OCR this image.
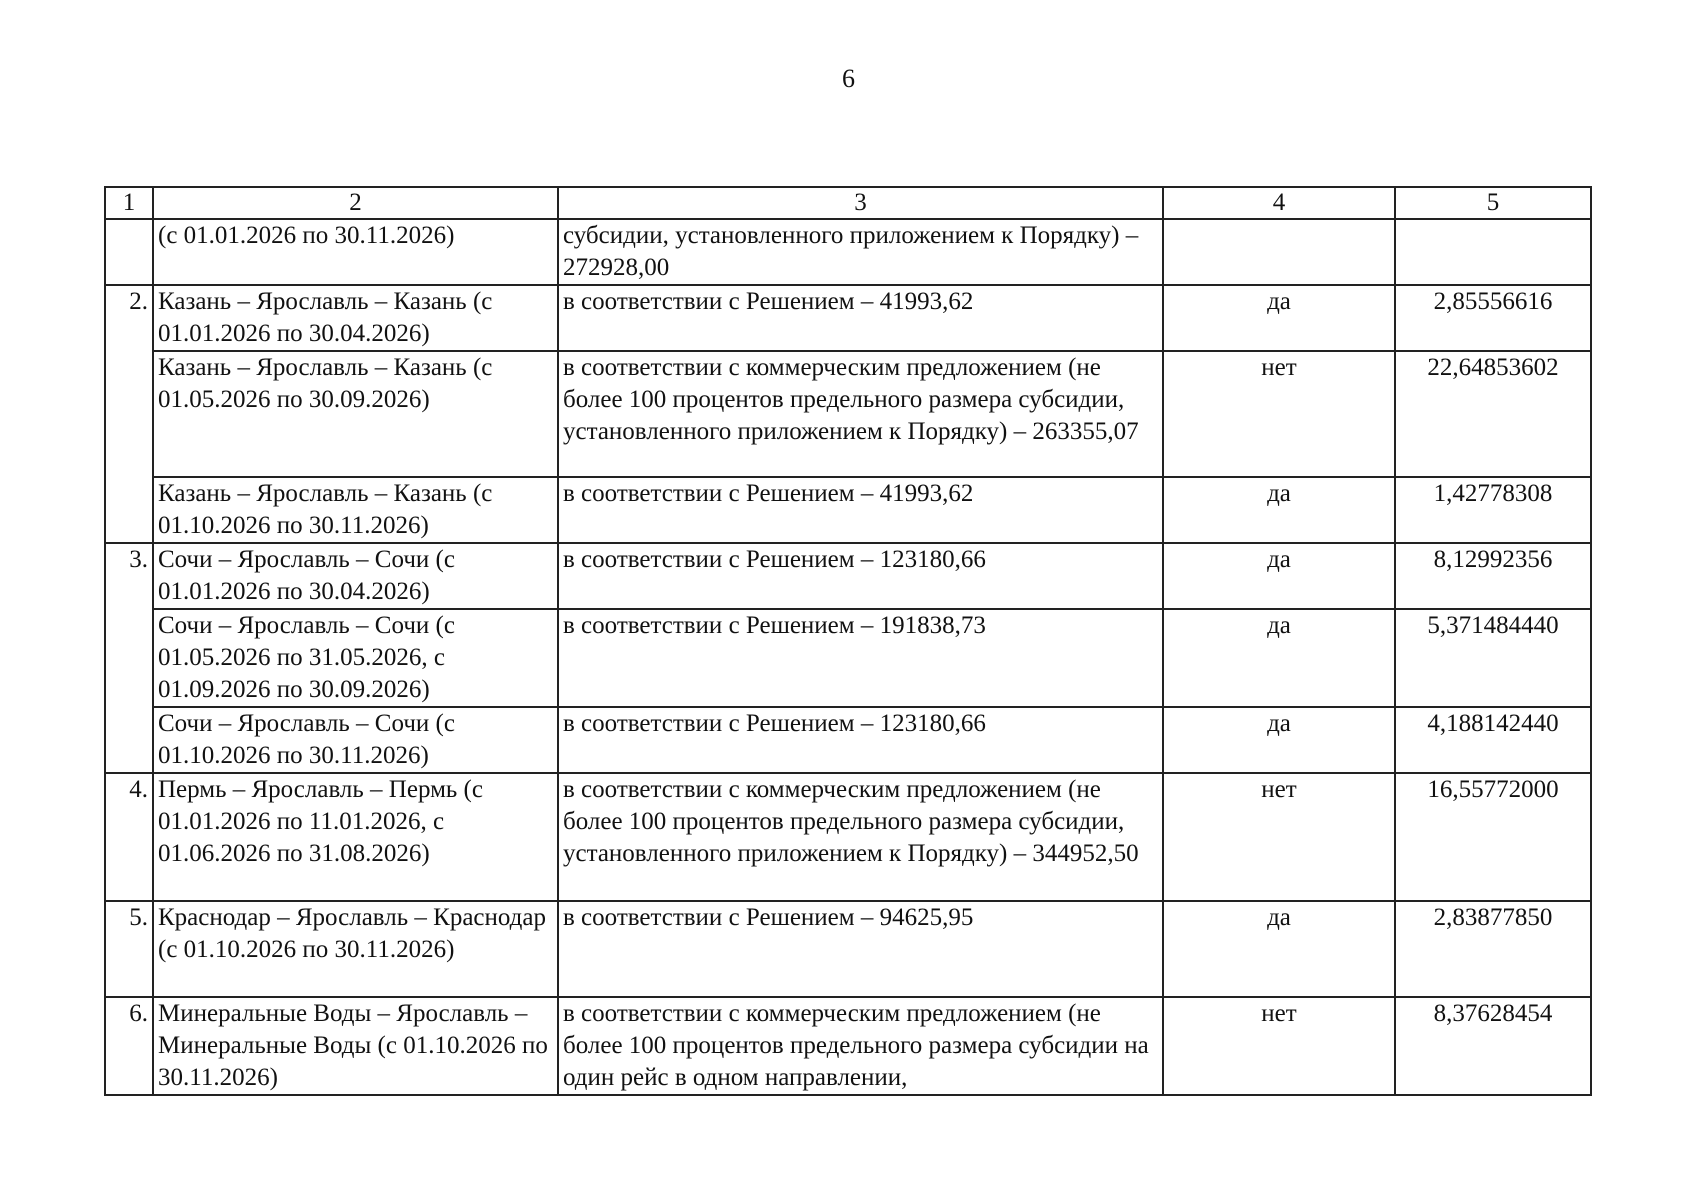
6
1	2	3	4	5
	(с 01.01.2026 по 30.11.2026)	субсидии, установленного приложением к Порядку) – 272928,00		
2.	Казань – Ярославль – Казань (с 01.01.2026 по 30.04.2026)	в соответствии с Решением – 41993,62	да	2,85556616
	Казань – Ярославль – Казань (с 01.05.2026 по 30.09.2026)	в соответствии с коммерческим предложением (не более 100 процентов предельного размера субсидии, установленного приложением к Порядку) – 263355,07	нет	22,64853602
	Казань – Ярославль – Казань (с 01.10.2026 по 30.11.2026)	в соответствии с Решением – 41993,62	да	1,42778308
3.	Сочи – Ярославль – Сочи (с 01.01.2026 по 30.04.2026)	в соответствии с Решением – 123180,66	да	8,12992356
	Сочи – Ярославль – Сочи (с 01.05.2026 по 31.05.2026, с 01.09.2026 по 30.09.2026)	в соответствии с Решением – 191838,73	да	5,371484440
	Сочи – Ярославль – Сочи (с 01.10.2026 по 30.11.2026)	в соответствии с Решением – 123180,66	да	4,188142440
4.	Пермь – Ярославль – Пермь (с 01.01.2026 по 11.01.2026, с 01.06.2026 по 31.08.2026)	в соответствии с коммерческим предложением (не более 100 процентов предельного размера субсидии, установленного приложением к Порядку) – 344952,50	нет	16,55772000
5.	Краснодар – Ярославль – Краснодар (с 01.10.2026 по 30.11.2026)	в соответствии с Решением – 94625,95	да	2,83877850
6.	Минеральные Воды – Ярославль – Минеральные Воды (с 01.10.2026 по 30.11.2026)	в соответствии с коммерческим предложением (не более 100 процентов предельного размера субсидии на один рейс в одном направлении,	нет	8,37628454
